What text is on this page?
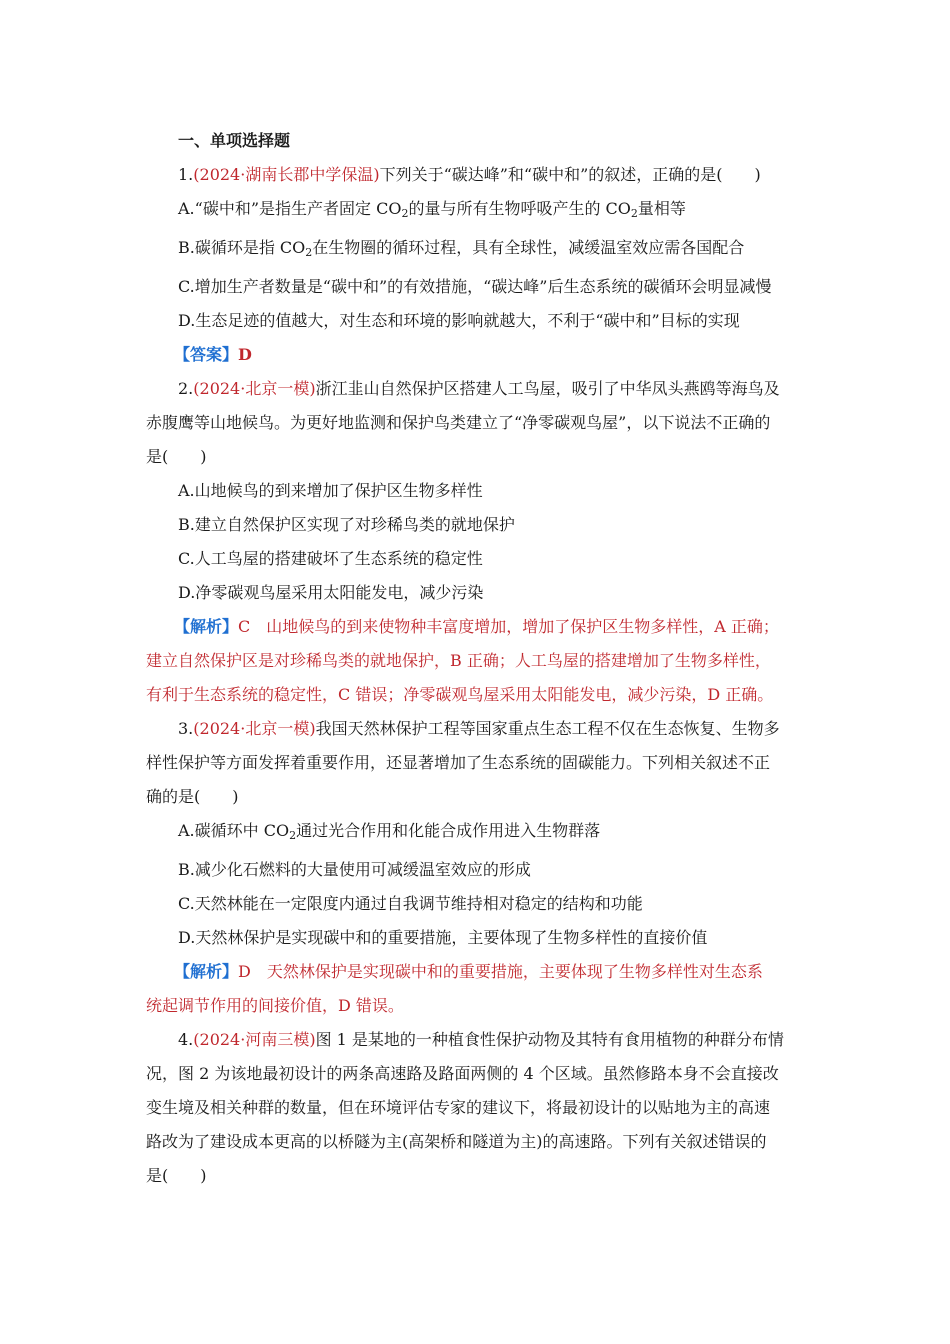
一、单项选择题
1.(2024·湖南长郡中学保温)下列关于“碳达峰”和“碳中和”的叙述，正确的是(　　)
A.“碳中和”是指生产者固定 $CO_2$的量与所有生物呼吸产生的 $CO_2$量相等
B.碳循环是指 $CO_2$在生物圈的循环过程，具有全球性，减缓温室效应需各国配合
C.增加生产者数量是“碳中和”的有效措施，“碳达峰”后生态系统的碳循环会明显减慢
D.生态足迹的值越大，对生态和环境的影响就越大，不利于“碳中和”目标的实现
【答案】D
2.(2024·北京一模)浙江韭山自然保护区搭建人工鸟屋，吸引了中华凤头燕鸥等海鸟及
赤腹鹰等山地候鸟。为更好地监测和保护鸟类建立了“净零碳观鸟屋”，以下说法不正确的
是(　　)
A.山地候鸟的到来增加了保护区生物多样性
B.建立自然保护区实现了对珍稀鸟类的就地保护
C.人工鸟屋的搭建破坏了生态系统的稳定性
D.净零碳观鸟屋采用太阳能发电，减少污染
【解析】C　山地候鸟的到来使物种丰富度增加，增加了保护区生物多样性，A 正确；
建立自然保护区是对珍稀鸟类的就地保护，B 正确；人工鸟屋的搭建增加了生物多样性，
有利于生态系统的稳定性，C 错误；净零碳观鸟屋采用太阳能发电，减少污染，D 正确。
3.(2024·北京一模)我国天然林保护工程等国家重点生态工程不仅在生态恢复、生物多
样性保护等方面发挥着重要作用，还显著增加了生态系统的固碳能力。下列相关叙述不正
确的是(　　)
A.碳循环中 $CO_2$通过光合作用和化能合成作用进入生物群落
B.减少化石燃料的大量使用可减缓温室效应的形成
C.天然林能在一定限度内通过自我调节维持相对稳定的结构和功能
D.天然林保护是实现碳中和的重要措施，主要体现了生物多样性的直接价值
【解析】D　天然林保护是实现碳中和的重要措施，主要体现了生物多样性对生态系
统起调节作用的间接价值，D 错误。
4.(2024·河南三模)图 1 是某地的一种植食性保护动物及其特有食用植物的种群分布情
况，图 2 为该地最初设计的两条高速路及路面两侧的 4 个区域。虽然修路本身不会直接改
变生境及相关种群的数量，但在环境评估专家的建议下，将最初设计的以贴地为主的高速
路改为了建设成本更高的以桥隧为主(高架桥和隧道为主)的高速路。下列有关叙述错误的
是(　　)
